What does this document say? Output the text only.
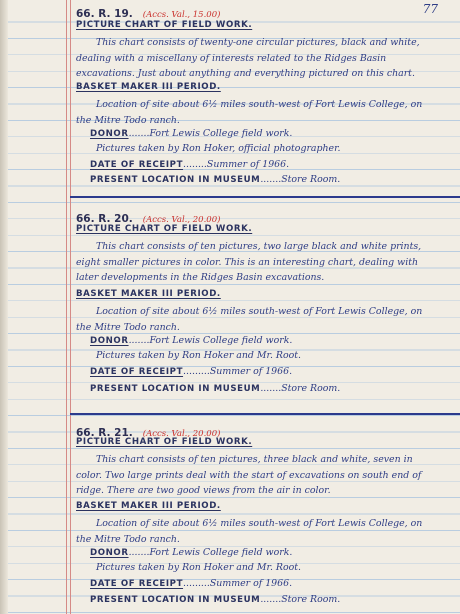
77
66. R. 19. (Accs. Val., 15.00)
PICTURE CHART OF FIELD WORK.
This chart consists of twenty-one circular pictures, black and white, dealing with a miscellany of interests related to the Ridges Basin excavations. Just about anything and everything pictured on this chart.
BASKET MAKER III PERIOD.
Location of site about 6½ miles south-west of Fort Lewis College, on the Mitre Todo ranch.
DONOR.......Fort Lewis College field work.
Pictures taken by Ron Hoker, official photographer.
DATE OF RECEIPT........Summer of 1966.
PRESENT LOCATION IN MUSEUM.......Store Room.
66. R. 20. (Accs. Val., 20.00)
PICTURE CHART OF FIELD WORK.
This chart consists of ten pictures, two large black and white prints, eight smaller pictures in color. This is an interesting chart, dealing with later developments in the Ridges Basin excavations.
BASKET MAKER III PERIOD.
Location of site about 6½ miles south-west of Fort Lewis College, on the Mitre Todo ranch.
DONOR.......Fort Lewis College field work.
Pictures taken by Ron Hoker and Mr. Root.
DATE OF RECEIPT.........Summer of 1966.
PRESENT LOCATION IN MUSEUM.......Store Room.
66. R. 21. (Accs. Val., 20.00)
PICTURE CHART OF FIELD WORK.
This chart consists of ten pictures, three black and white, seven in color. Two large prints deal with the start of excavations on south end of ridge. There are two good views from the air in color.
BASKET MAKER III PERIOD.
Location of site about 6½ miles south-west of Fort Lewis College, on the Mitre Todo ranch.
DONOR.......Fort Lewis College field work.
Pictures taken by Ron Hoker and Mr. Root.
DATE OF RECEIPT.........Summer of 1966.
PRESENT LOCATION IN MUSEUM.......Store Room.
